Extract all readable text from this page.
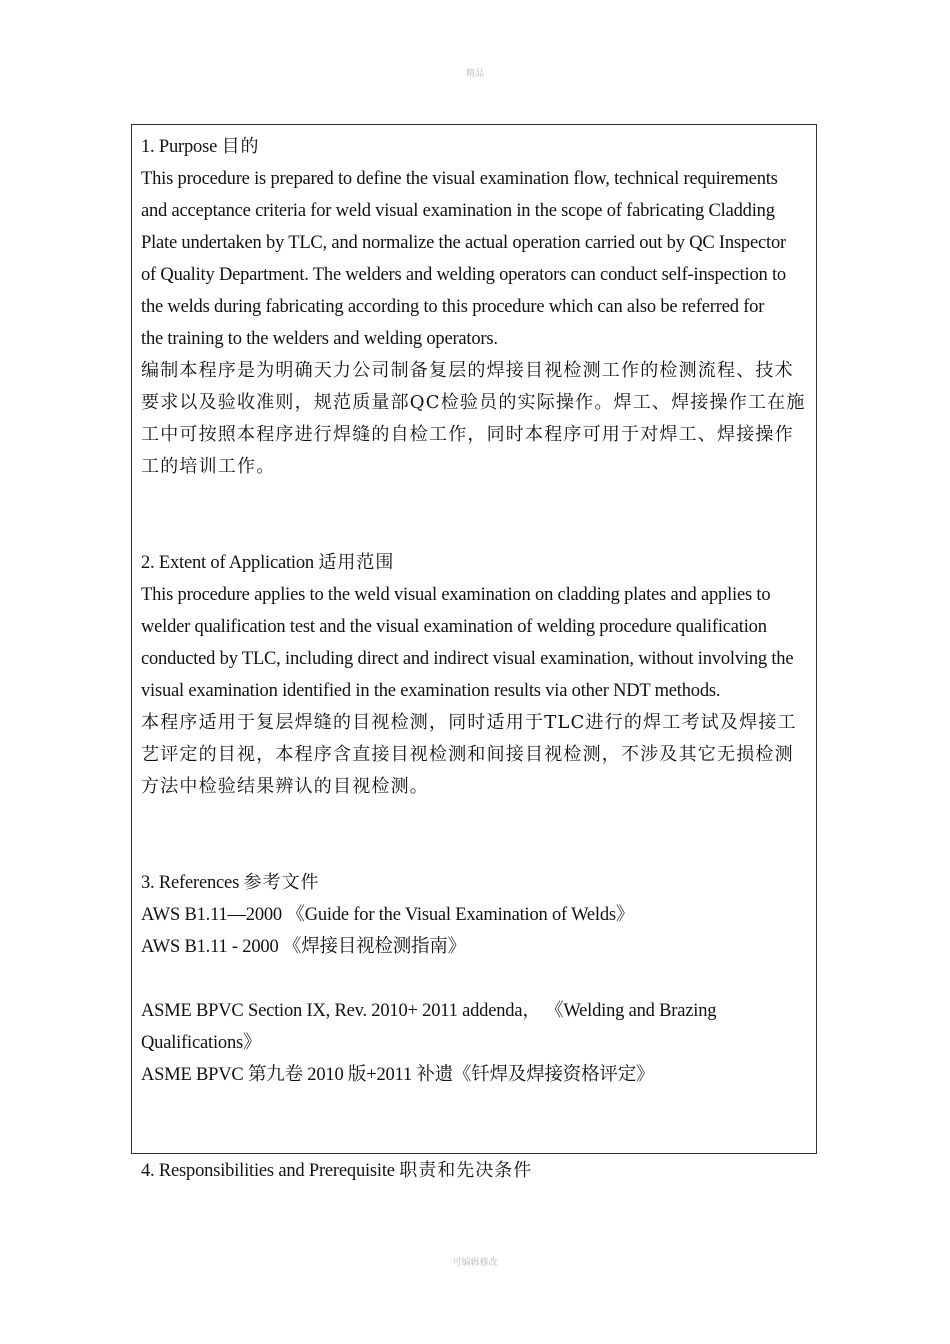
精品
1. Purpose 目的
This procedure is prepared to define the visual examination flow, technical requirements
and acceptance criteria for weld visual examination in the scope of fabricating Cladding
Plate undertaken by TLC, and normalize the actual operation carried out by QC Inspector
of Quality Department. The welders and welding operators can conduct self-inspection to
the welds during fabricating according to this procedure which can also be referred for
the training to the welders and welding operators.
编制本程序是为明确天力公司制备复层的焊接目视检测工作的检测流程、技术
要求以及验收准则，规范质量部QC检验员的实际操作。焊工、焊接操作工在施
工中可按照本程序进行焊缝的自检工作，同时本程序可用于对焊工、焊接操作
工的培训工作。
2. Extent of Application 适用范围
This procedure applies to the weld visual examination on cladding plates and applies to
welder qualification test and the visual examination of welding procedure qualification
conducted by TLC, including direct and indirect visual examination, without involving the
visual examination identified in the examination results via other NDT methods.
本程序适用于复层焊缝的目视检测，同时适用于TLC进行的焊工考试及焊接工
艺评定的目视，本程序含直接目视检测和间接目视检测，不涉及其它无损检测
方法中检验结果辨认的目视检测。
3. References 参考文件
AWS B1.11—2000 《Guide for the Visual Examination of Welds》
AWS B1.11 - 2000 《焊接目视检测指南》
ASME BPVC Section IX, Rev. 2010+ 2011 addenda， 《Welding and Brazing
Qualifications》
ASME BPVC 第九卷 2010 版+2011 补遗《钎焊及焊接资格评定》
4. Responsibilities and Prerequisite 职责和先决条件
可编辑修改
